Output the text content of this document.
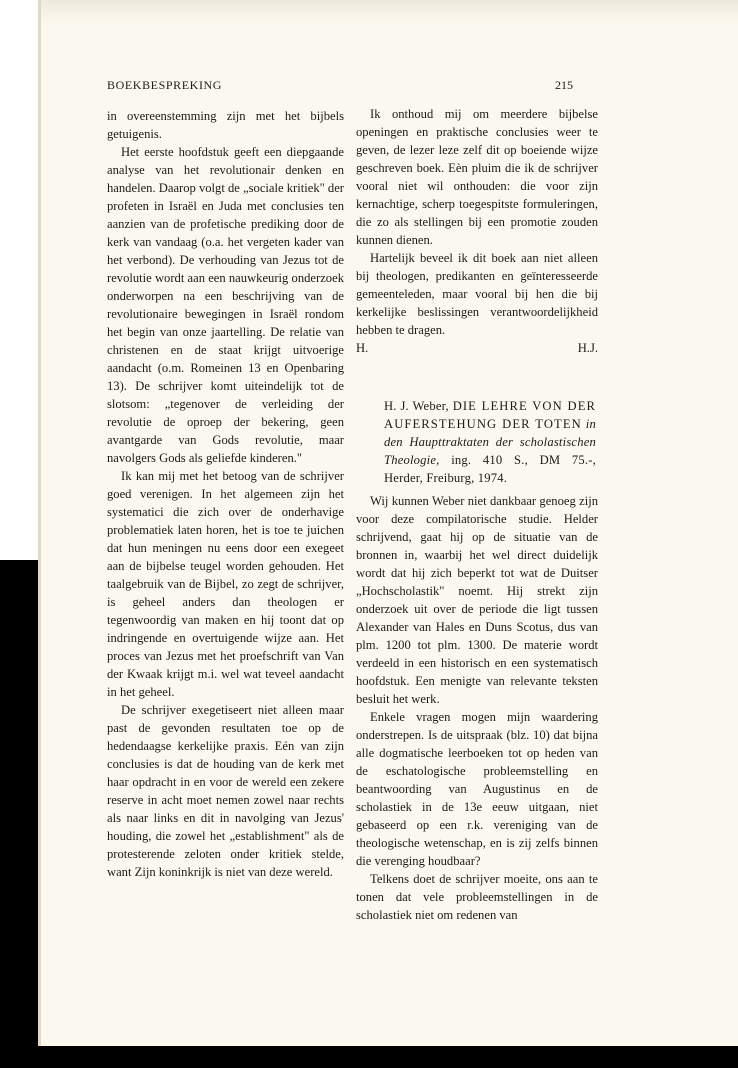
BOEKBESPREKING	215

in overeenstemming zijn met het bijbels getuigenis.

Het eerste hoofdstuk geeft een diepgaande analyse van het revolutionair denken en handelen. Daarop volgt de „sociale kritiek" der profeten in Israël en Juda met conclusies ten aanzien van de profetische prediking door de kerk van vandaag (o.a. het vergeten kader van het verbond). De verhouding van Jezus tot de revolutie wordt aan een nauwkeurig onderzoek onderworpen na een beschrijving van de revolutionaire bewegingen in Israël rondom het begin van onze jaartelling. De relatie van christenen en de staat krijgt uitvoerige aandacht (o.m. Romeinen 13 en Openbaring 13). De schrijver komt uiteindelijk tot de slotsom: „tegenover de verleiding der revolutie de oproep der bekering, geen avantgarde van Gods revolutie, maar navolgers Gods als geliefde kinderen."

Ik kan mij met het betoog van de schrijver goed verenigen. In het algemeen zijn het systematici die zich over de onderhavige problematiek laten horen, het is toe te juichen dat hun meningen nu eens door een exegeet aan de bijbelse teugel worden gehouden. Het taalgebruik van de Bijbel, zo zegt de schrijver, is geheel anders dan theologen er tegenwoordig van maken en hij toont dat op indringende en overtuigende wijze aan. Het proces van Jezus met het proefschrift van Van der Kwaak krijgt m.i. wel wat teveel aandacht in het geheel.

De schrijver exegetiseert niet alleen maar past de gevonden resultaten toe op de hedendaagse kerkelijke praxis. Eén van zijn conclusies is dat de houding van de kerk met haar opdracht in en voor de wereld een zekere reserve in acht moet nemen zowel naar rechts als naar links en dit in navolging van Jezus' houding, die zowel het „establishment" als de protesterende zeloten onder kritiek stelde, want Zijn koninkrijk is niet van deze wereld.

Ik onthoud mij om meerdere bijbelse openingen en praktische conclusies weer te geven, de lezer leze zelf dit op boeiende wijze geschreven boek. Eèn pluim die ik de schrijver vooral niet wil onthouden: die voor zijn kernachtige, scherp toegespitste formuleringen, die zo als stellingen bij een promotie zouden kunnen dienen.

Hartelijk beveel ik dit boek aan niet alleen bij theologen, predikanten en geïnteresseerde gemeenteleden, maar vooral bij hen die bij kerkelijke beslissingen verantwoordelijkheid hebben te dragen.

H.	H.J.

H. J. Weber, DIE LEHRE VON DER AUFERSTEHUNG DER TOTEN in den Haupttraktaten der scholastischen Theologie, ing. 410 S., DM 75.-, Herder, Freiburg, 1974.

Wij kunnen Weber niet dankbaar genoeg zijn voor deze compilatorische studie. Helder schrijvend, gaat hij op de situatie van de bronnen in, waarbij het wel direct duidelijk wordt dat hij zich beperkt tot wat de Duitser „Hochscholastik" noemt. Hij strekt zijn onderzoek uit over de periode die ligt tussen Alexander van Hales en Duns Scotus, dus van plm. 1200 tot plm. 1300. De materie wordt verdeeld in een historisch en een systematisch hoofdstuk. Een menigte van relevante teksten besluit het werk.

Enkele vragen mogen mijn waardering onderstrepen. Is de uitspraak (blz. 10) dat bijna alle dogmatische leerboeken tot op heden van de eschatologische probleemstelling en beantwoording van Augustinus en de scholastiek in de 13e eeuw uitgaan, niet gebaseerd op een r.k. vereniging van de theologische wetenschap, en is zij zelfs binnen die verenging houdbaar?

Telkens doet de schrijver moeite, ons aan te tonen dat vele probleemstellingen in de scholastiek niet om redenen van
